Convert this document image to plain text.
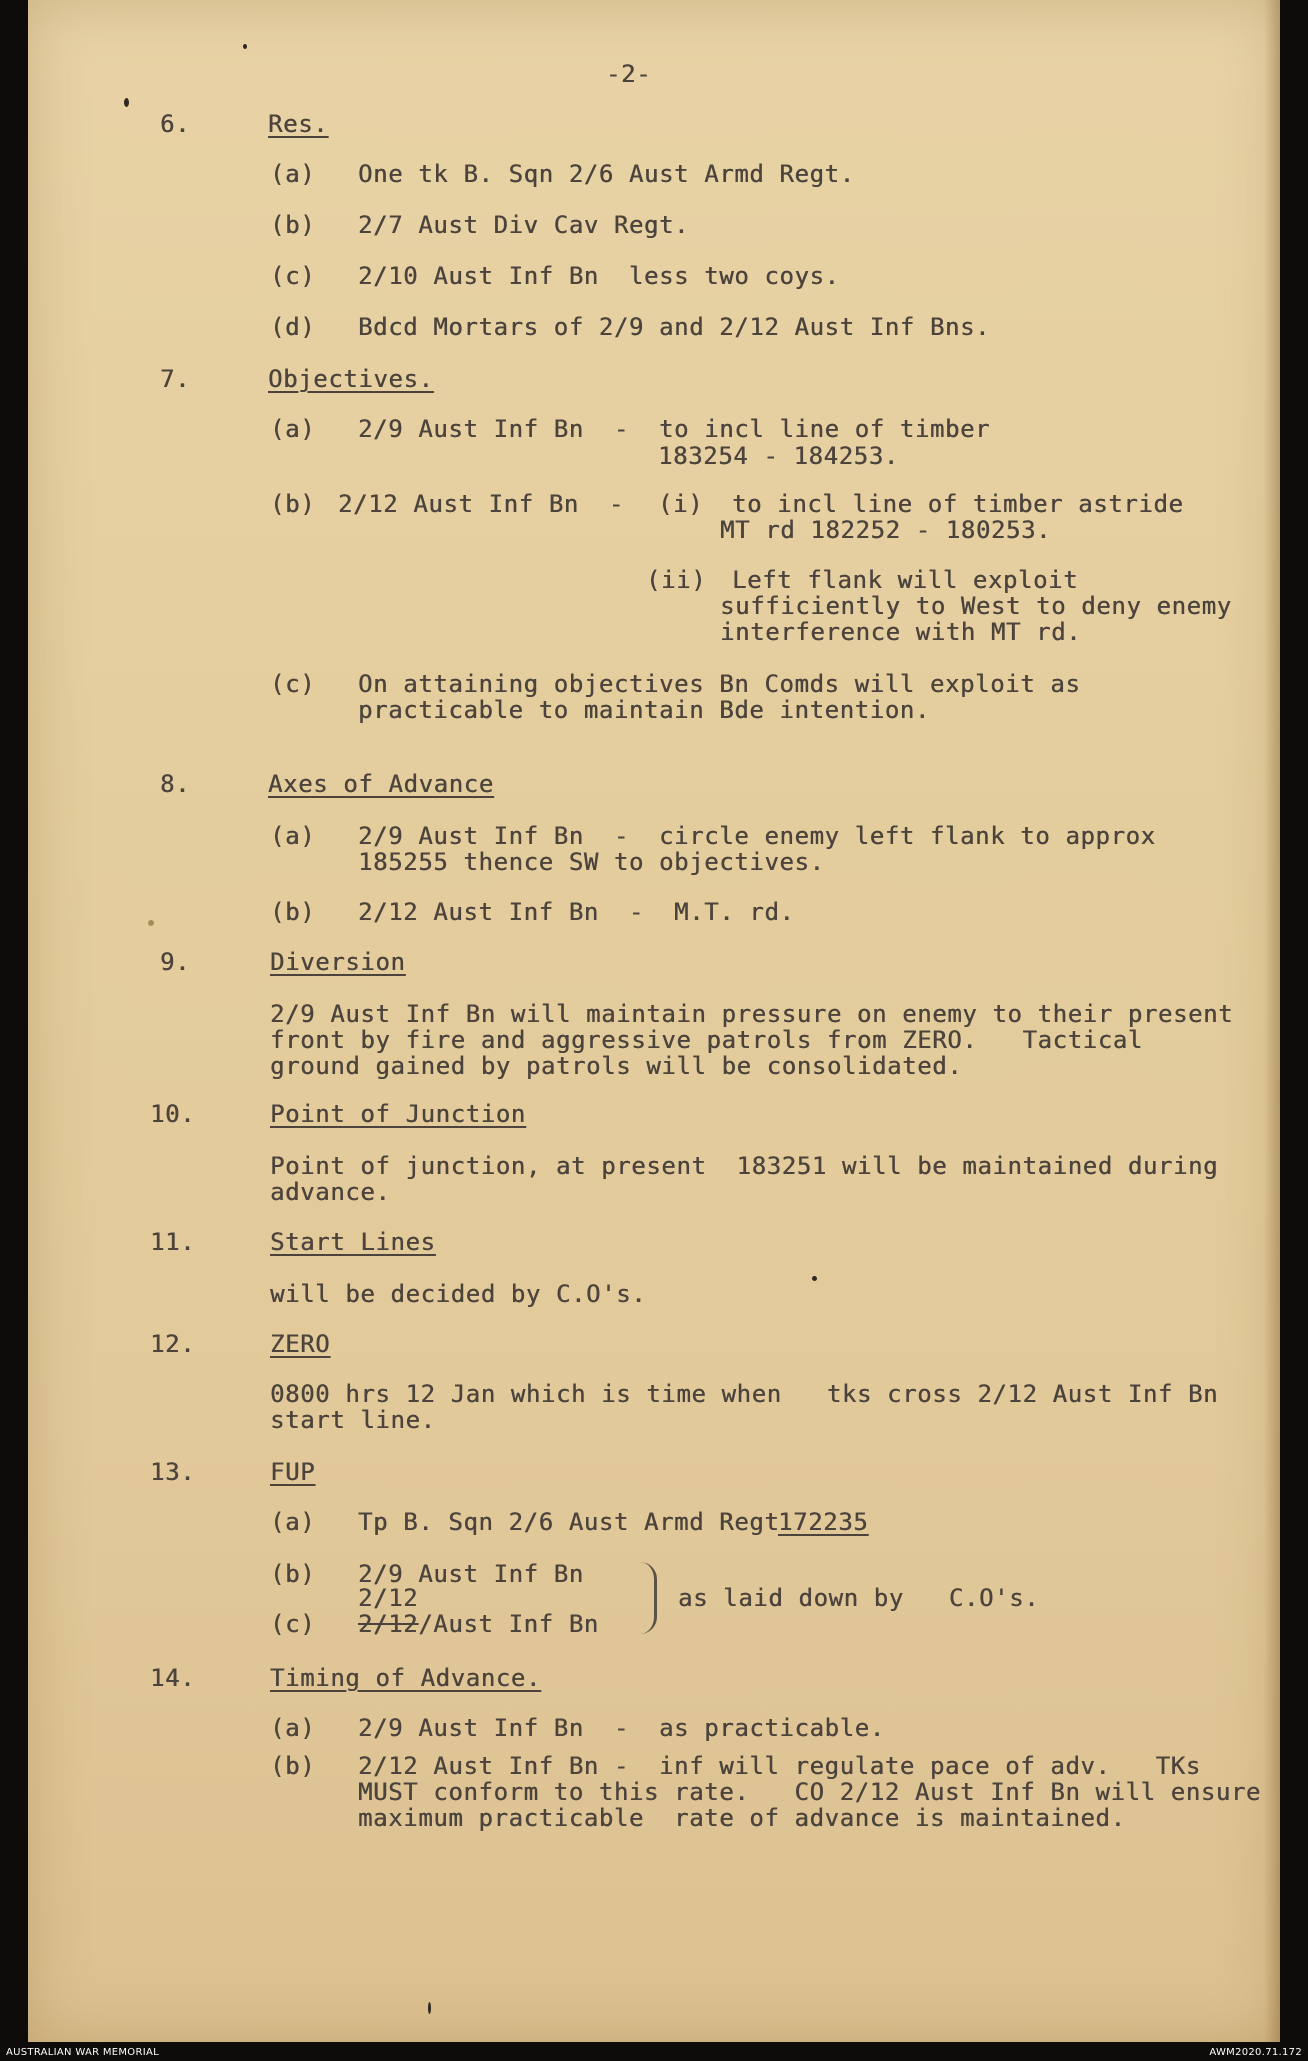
-2-
6.	Res.
(a) One tk B. Sqn 2/6 Aust Armd Regt.
(b) 2/7 Aust Div Cav Regt.
(c) 2/10 Aust Inf Bn  less two coys.
(d) Bdcd Mortars of 2/9 and 2/12 Aust Inf Bns.
7.	Objectives.
(a) 2/9 Aust Inf Bn  -  to incl line of timber
183254 - 184253.
(b) 2/12 Aust Inf Bn  - (i) to incl line of timber astride
MT rd 182252 - 180253.
(ii) Left flank will exploit
sufficiently to West to deny enemy
interference with MT rd.
(c) On attaining objectives Bn Comds will exploit as
practicable to maintain Bde intention.
8.	Axes of Advance
(a) 2/9 Aust Inf Bn  -  circle enemy left flank to approx
185255 thence SW to objectives.
(b) 2/12 Aust Inf Bn  -  M.T. rd.
9.	Diversion
2/9 Aust Inf Bn will maintain pressure on enemy to their present
front by fire and aggressive patrols from ZERO.   Tactical
ground gained by patrols will be consolidated.
10.	Point of Junction
Point of junction, at present  183251 will be maintained during
advance.
11.	Start Lines
will be decided by C.O's.
12.	ZERO
0800 hrs 12 Jan which is time when   tks cross 2/12 Aust Inf Bn
start line.
13.	FUP
(a) Tp B. Sqn 2/6 Aust Armd Regt
172235
(b) 2/9 Aust Inf Bn
2/12
(c) 2/12/Aust Inf Bn
as laid down by   C.O's.
14.	Timing of Advance.
(a) 2/9 Aust Inf Bn  -  as practicable.
(b) 2/12 Aust Inf Bn -  inf will regulate pace of adv.   TKs
MUST conform to this rate.   CO 2/12 Aust Inf Bn will ensure
maximum practicable  rate of advance is maintained.
AUSTRALIAN WAR MEMORIAL	AWM2020.71.172
